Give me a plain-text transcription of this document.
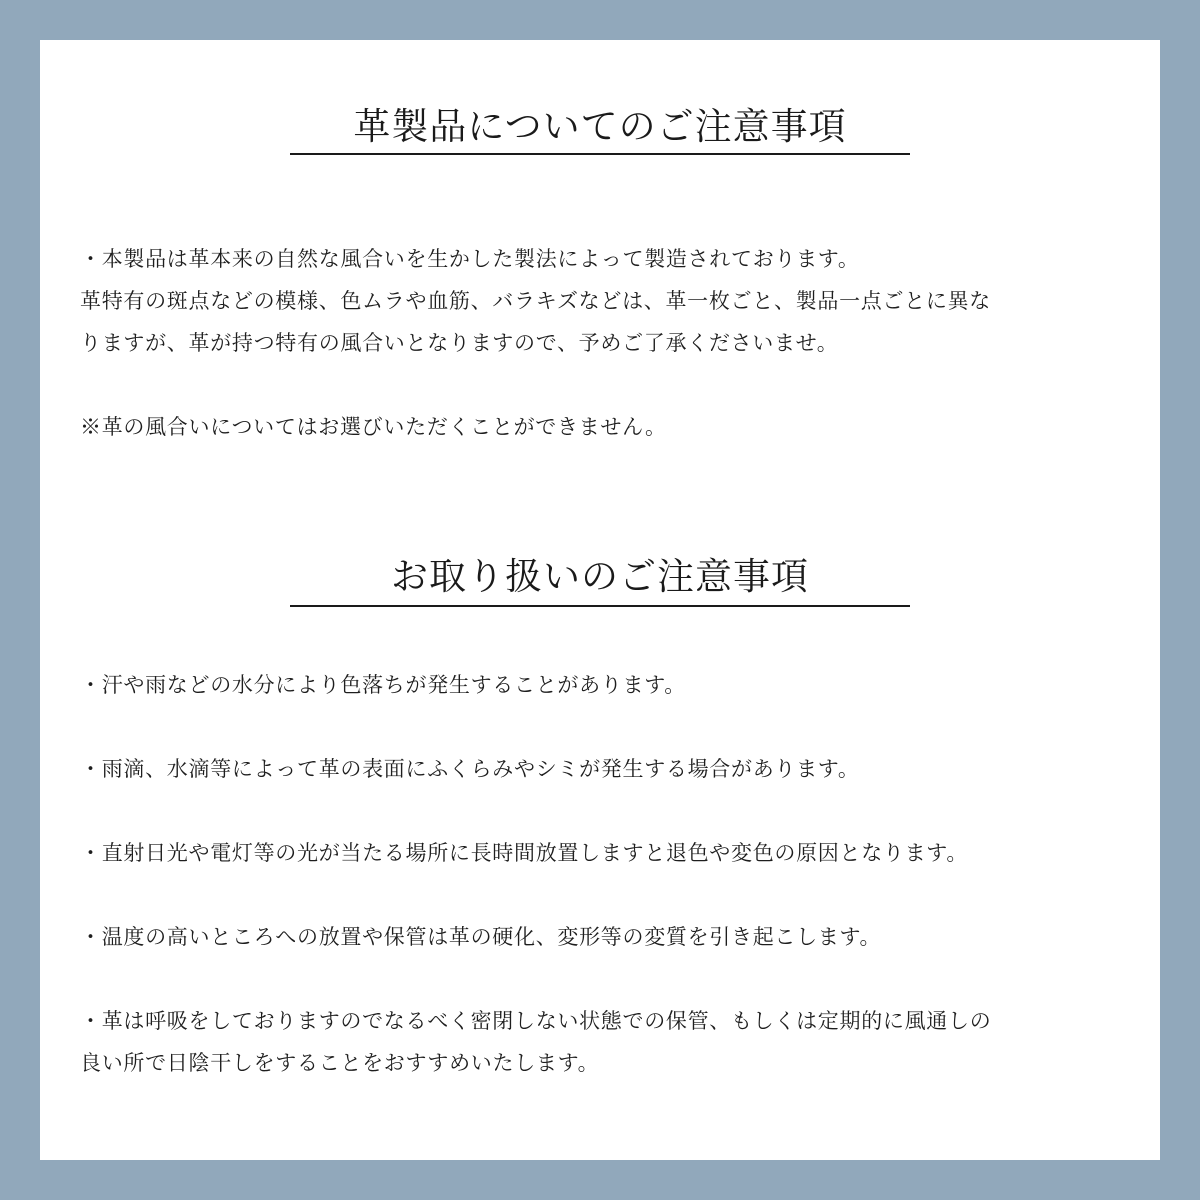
革製品についてのご注意事項
・本製品は革本来の自然な風合いを生かした製法によって製造されております。
革特有の斑点などの模様、色ムラや血筋、バラキズなどは、革一枚ごと、製品一点ごとに異な
りますが、革が持つ特有の風合いとなりますので、予めご了承くださいませ。
※革の風合いについてはお選びいただくことができません。
お取り扱いのご注意事項
・汗や雨などの水分により色落ちが発生することがあります。
・雨滴、水滴等によって革の表面にふくらみやシミが発生する場合があります。
・直射日光や電灯等の光が当たる場所に長時間放置しますと退色や変色の原因となります。
・温度の高いところへの放置や保管は革の硬化、変形等の変質を引き起こします。
・革は呼吸をしておりますのでなるべく密閉しない状態での保管、もしくは定期的に風通しの
良い所で日陰干しをすることをおすすめいたします。
